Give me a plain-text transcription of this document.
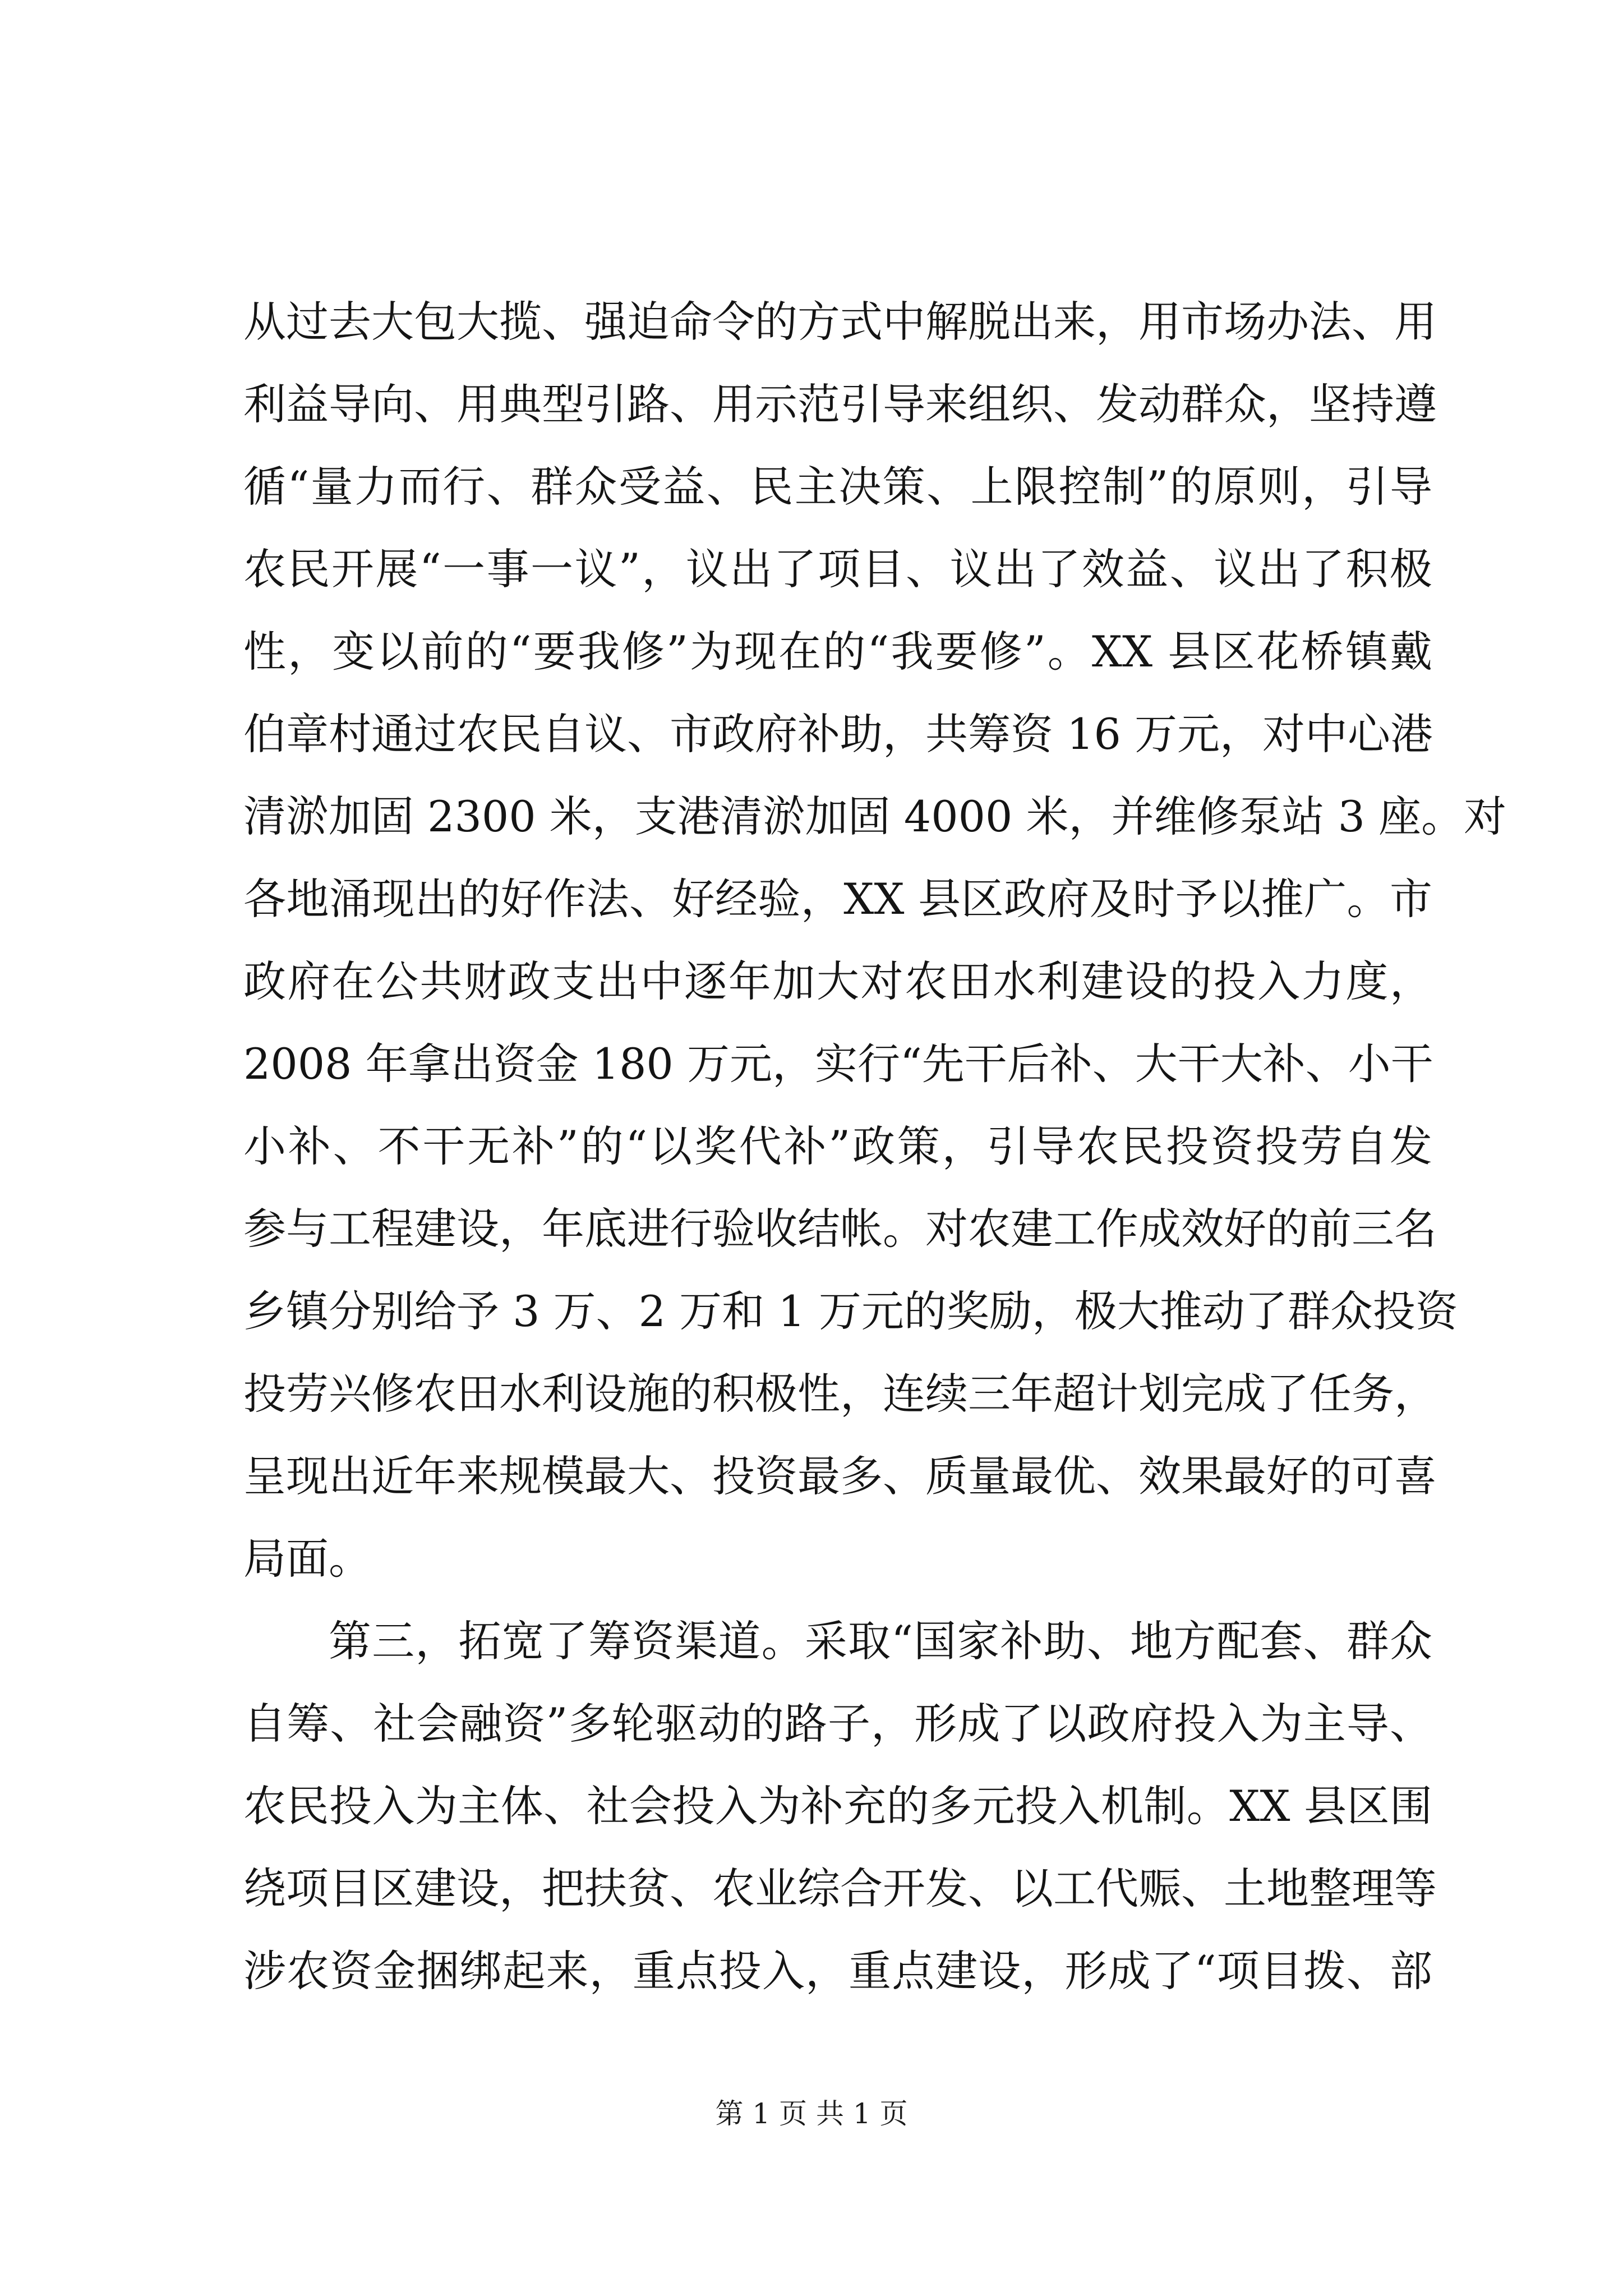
从过去大包大揽、强迫命令的方式中解脱出来，用市场办法、用
利益导向、用典型引路、用示范引导来组织、发动群众，坚持遵
循“量力而行、群众受益、民主决策、上限控制”的原则，引导
农民开展“一事一议”，议出了项目、议出了效益、议出了积极
性，变以前的“要我修”为现在的“我要修”。XX 县区花桥镇戴
伯章村通过农民自议、市政府补助，共筹资 16 万元，对中心港
清淤加固 2300 米，支港清淤加固 4000 米，并维修泵站 3 座。对
各地涌现出的好作法、好经验，XX 县区政府及时予以推广。市
政府在公共财政支出中逐年加大对农田水利建设的投入力度，
2008 年拿出资金 180 万元，实行“先干后补、大干大补、小干
小补、不干无补”的“以奖代补”政策，引导农民投资投劳自发
参与工程建设，年底进行验收结帐。对农建工作成效好的前三名
乡镇分别给予 3 万、2 万和 1 万元的奖励，极大推动了群众投资
投劳兴修农田水利设施的积极性，连续三年超计划完成了任务，
呈现出近年来规模最大、投资最多、质量最优、效果最好的可喜
局面。
第三，拓宽了筹资渠道。采取“国家补助、地方配套、群众
自筹、社会融资”多轮驱动的路子，形成了以政府投入为主导、
农民投入为主体、社会投入为补充的多元投入机制。XX 县区围
绕项目区建设，把扶贫、农业综合开发、以工代赈、土地整理等
涉农资金捆绑起来，重点投入，重点建设，形成了“项目拨、部
第 1 页 共 1 页
